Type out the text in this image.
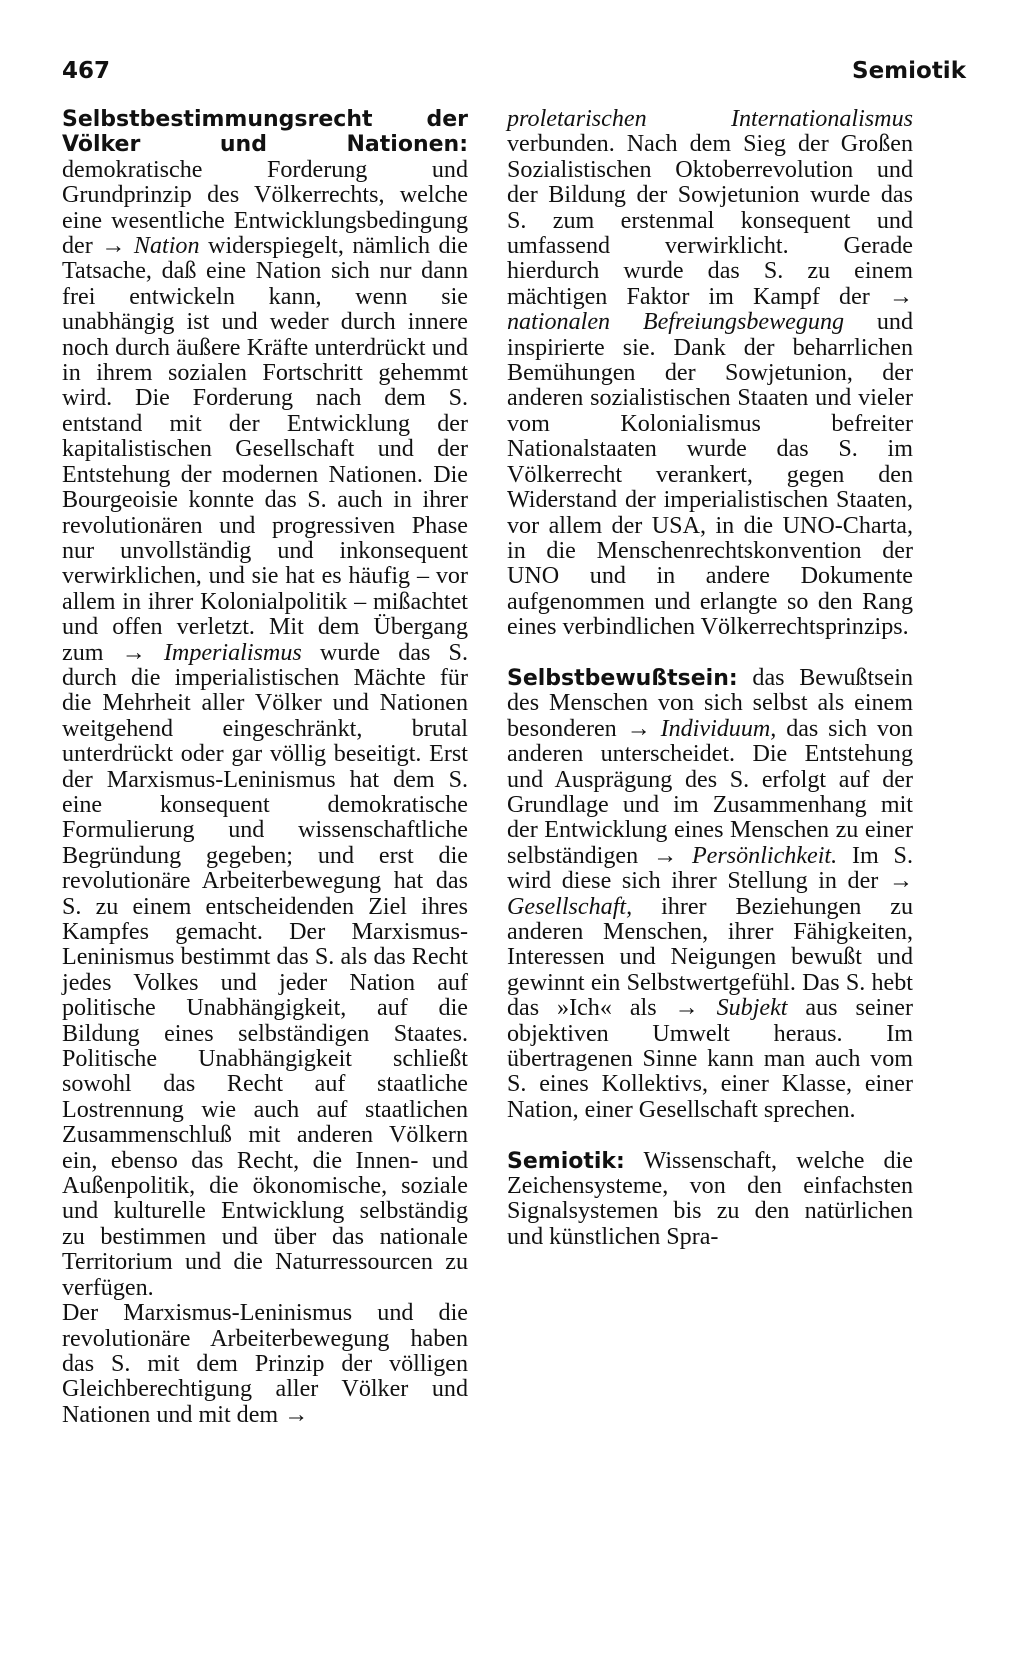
467	Semiotik

Selbstbestimmungsrecht der Völker und Nationen: demokratische Forderung und Grundprinzip des Völkerrechts, welche eine wesentliche Entwicklungsbedingung der → Nation widerspiegelt, nämlich die Tatsache, daß eine Nation sich nur dann frei entwickeln kann, wenn sie unabhängig ist und weder durch innere noch durch äußere Kräfte unterdrückt und in ihrem sozialen Fortschritt gehemmt wird. Die Forderung nach dem S. entstand mit der Entwicklung der kapitalistischen Gesellschaft und der Entstehung der modernen Nationen. Die Bourgeoisie konnte das S. auch in ihrer revolutionären und progressiven Phase nur unvollständig und inkonsequent verwirklichen, und sie hat es häufig – vor allem in ihrer Kolonialpolitik – mißachtet und offen verletzt. Mit dem Übergang zum → Imperialismus wurde das S. durch die imperialistischen Mächte für die Mehrheit aller Völker und Nationen weitgehend eingeschränkt, brutal unterdrückt oder gar völlig beseitigt. Erst der Marxismus-Leninismus hat dem S. eine konsequent demokratische Formulierung und wissenschaftliche Begründung gegeben; und erst die revolutionäre Arbeiterbewegung hat das S. zu einem entscheidenden Ziel ihres Kampfes gemacht. Der Marxismus-Leninismus bestimmt das S. als das Recht jedes Volkes und jeder Nation auf politische Unabhängigkeit, auf die Bildung eines selbständigen Staates. Politische Unabhängigkeit schließt sowohl das Recht auf staatliche Lostrennung wie auch auf staatlichen Zusammenschluß mit anderen Völkern ein, ebenso das Recht, die Innen- und Außenpolitik, die ökonomische, soziale und kulturelle Entwicklung selbständig zu bestimmen und über das nationale Territorium und die Naturressourcen zu verfügen.

Der Marxismus-Leninismus und die revolutionäre Arbeiterbewegung haben das S. mit dem Prinzip der völligen Gleichberechtigung aller Völker und Nationen und mit dem →

proletarischen Internationalismus verbunden. Nach dem Sieg der Großen Sozialistischen Oktoberrevolution und der Bildung der Sowjetunion wurde das S. zum erstenmal konsequent und umfassend verwirklicht. Gerade hierdurch wurde das S. zu einem mächtigen Faktor im Kampf der → nationalen Befreiungsbewegung und inspirierte sie. Dank der beharrlichen Bemühungen der Sowjetunion, der anderen sozialistischen Staaten und vieler vom Kolonialismus befreiter Nationalstaaten wurde das S. im Völkerrecht verankert, gegen den Widerstand der imperialistischen Staaten, vor allem der USA, in die UNO-Charta, in die Menschenrechtskonvention der UNO und in andere Dokumente aufgenommen und erlangte so den Rang eines verbindlichen Völkerrechtsprinzips.

Selbstbewußtsein: das Bewußtsein des Menschen von sich selbst als einem besonderen → Individuum, das sich von anderen unterscheidet. Die Entstehung und Ausprägung des S. erfolgt auf der Grundlage und im Zusammenhang mit der Entwicklung eines Menschen zu einer selbständigen → Persönlichkeit. Im S. wird diese sich ihrer Stellung in der → Gesellschaft, ihrer Beziehungen zu anderen Menschen, ihrer Fähigkeiten, Interessen und Neigungen bewußt und gewinnt ein Selbstwertgefühl. Das S. hebt das »Ich« als → Subjekt aus seiner objektiven Umwelt heraus. Im übertragenen Sinne kann man auch vom S. eines Kollektivs, einer Klasse, einer Nation, einer Gesellschaft sprechen.

Semiotik: Wissenschaft, welche die Zeichensysteme, von den einfachsten Signalsystemen bis zu den natürlichen und künstlichen Spra-
